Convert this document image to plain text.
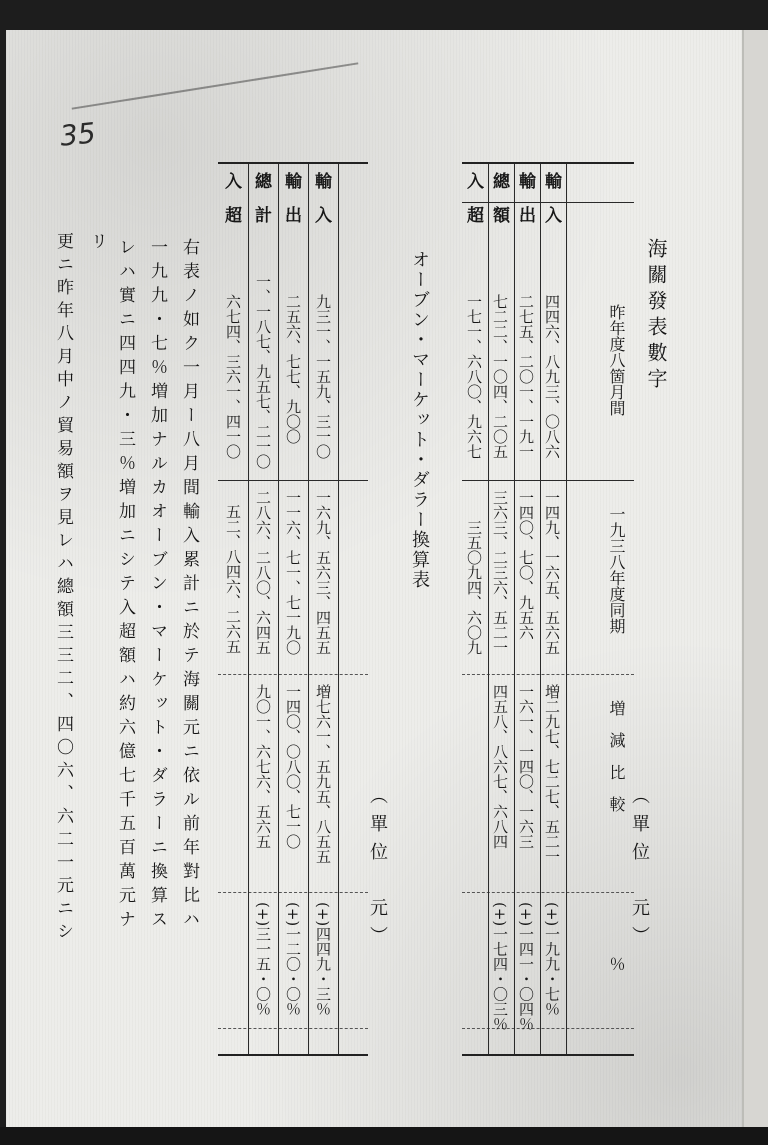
35
海關發表數字
（單位　元）
昨年度八箇月間
一九三八年度同期
増　減　比　較
％
輸　入
四四六、八九三、〇八六
一四九、一六五、五六五
増二九七、七二七、五二一
(+)一九九・七％
輸　出
二七五、二〇一、一九一
一四〇、七〇、九五六
一六一、一四〇、一六三
(+)一四一・〇四％
總　額
七二二、一〇四、二〇五
三六三、二三六、五二一
四五八、八六七、六八四
(+)一七四・〇三％
入　超
一七一、六八〇、九六七
三五〇九四、六〇九
オーブン・マーケット・ダラー換算表
（單位　元）
輸　入
九三一、一五九、三一〇
一六九、五六三、四五五
増七六一、五九五、八五五
(+)四四九・三％
輸　出
二五六、七七、九〇〇
一一六、七一、七一九〇
一四〇、〇八〇、七一〇
(+)一二〇・〇％
總　計
一、一八七、九五七、二一〇
二八六、二八〇、六四五
九〇一、六七六、五六五
(+)三一五・〇％
入　超
六七四、三六一、四一〇
五二、八四六、二六五
右表ノ如ク一月ー八月間輸入累計ニ於テ海關元ニ依ル前年對比ハ
一九九・七％増加ナルカオーブン・マーケット・ダラーニ換算ス
レハ實ニ四四九・三％増加ニシテ入超額ハ約六億七千五百萬元ナ
リ
更ニ昨年八月中ノ貿易額ヲ見レハ總額三三二、四〇六、六二一元ニシ
